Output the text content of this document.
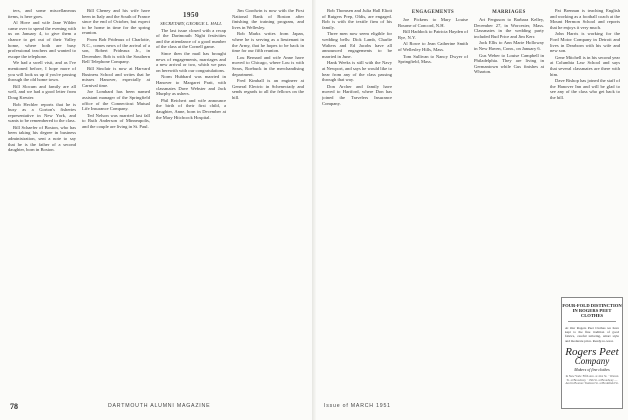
ters, and some miscellaneous items, is here goes.

Al Hove and wife Jane Wilder came over to spend the evening with us on January 4, to give them a chance to get out of their Valley home, where both are busy professional teachers and wanted to escape the telephone.

We had a swell visit, and as I've mentioned before, I hope more of you will look us up if you're passing through the old home town.

Bill Slocum and family are all well, and we had a good letter from Doug Kreuter.

Bob Hechler reports that he is busy as a Gorton's fisheries representative in New York, and wants to be remembered to the class.

Bill Schaefer of Boston, who has been taking his degree in business administration, sent a note to say that he is the father of a second daughter, born in Boston.

Bill Cheney and his wife have been in Italy and the South of France since the end of October, but expect to be home in time for the spring reunion.

From Bob Prideaux of Charlotte, N.C., comes news of the arrival of a son, Robert Prideaux Jr., in December. Bob is with the Southern Bell Telephone Company.

Bill Sinclair is now at Harvard Business School and writes that he misses Hanover, especially at Carnival time.

Joe Lombard has been named assistant manager of the Springfield office of the Connecticut Mutual Life Insurance Company.

Ted Nelson was married last fall to Ruth Anderson of Minneapolis, and the couple are living in St. Paul.

1950

SECRETARY, GEORGE L. HALL

The last issue closed with a recap of the Dartmouth Night festivities and the attendance of a good number of the class at the Cornell game.

Since then the mail has brought news of engagements, marriages and a new arrival or two, which we pass on herewith with our congratulations.

Norm Hubbard was married in Hanover to Margaret Pratt, with classmates Dave Webster and Jack Murphy as ushers.

Phil Reichert and wife announce the birth of their first child, a daughter, Anne, born in December at the Mary Hitchcock Hospital.

Jim Goodwin is now with the First National Bank of Boston after finishing the training program, and lives in Wellesley.

Bob Marks writes from Japan, where he is serving as a lieutenant in the Army, that he hopes to be back in time for our fifth reunion.

Lou Bernard and wife Anne have moved to Chicago, where Lou is with Sears, Roebuck in the merchandising department.

Fred Kimball is an engineer at General Electric in Schenectady and sends regards to all the fellows on the hill.

78	DARTMOUTH ALUMNI MAGAZINE

Bob Thomsen and Julia Hall Eliott of Rutgers Prep, Oldis, are engaged. Bob is with the textile firm of his family.

Three men now seem eligible for wedding bells: Dick Lamb, Charlie Walters and Ed Jacobs have all announced engagements to be married in June.

Hank Weeks is still with the Navy at Newport, and says he would like to hear from any of the class passing through that way.

Don Archer and family have moved to Hartford, where Don has joined the Travelers Insurance Company.

ENGAGEMENTS

Joe Pickens to Mary Louise Bourne of Concord, N.H.

Bill Haddock to Patricia Hayden of Rye, N.Y.

Al Rowe to Jean Catherine Smith of Wellesley Hills, Mass.

Tom Sullivan to Nancy Dwyer of Springfield, Mass.

MARRIAGES

Art Ferguson to Barbara Kelley, December 27, in Worcester, Mass. Classmates in the wedding party included Bud Price and Jim Kerr.

Jack Ellis to Ann Marie Holloway in New Haven, Conn., on January 6.

Gus Weber to Louise Campbell in Philadelphia. They are living in Germantown while Gus finishes at Wharton.

Pat Brennan is teaching English and working as a football coach at the Mount Hermon School and reports that he enjoys it very much.

John Harris is working for the Ford Motor Company in Detroit and lives in Dearborn with his wife and new son.

Gene Mitchell is in his second year at Columbia Law School and says that several classmates are there with him.

Dave Bishop has joined the staff of the Hanover Inn and will be glad to see any of the class who get back to the hill.

Issue of MARCH 1951
FOUR-FOLD DISTINCTION IN ROGERS PEET CLOTHES
At Our Rogers Peet Clothes we have kept to the fine tradition of good fabrics, careful tailoring, smart style and moderate price. Ready-to-wear.
Rogers Peet
Company
Makers of fine clothes
In New York: Fifth Ave. at 41st St. · Warren St. at Broadway · 13th St. at Broadway — And in Boston: Tremont St. at Bromfield St.
